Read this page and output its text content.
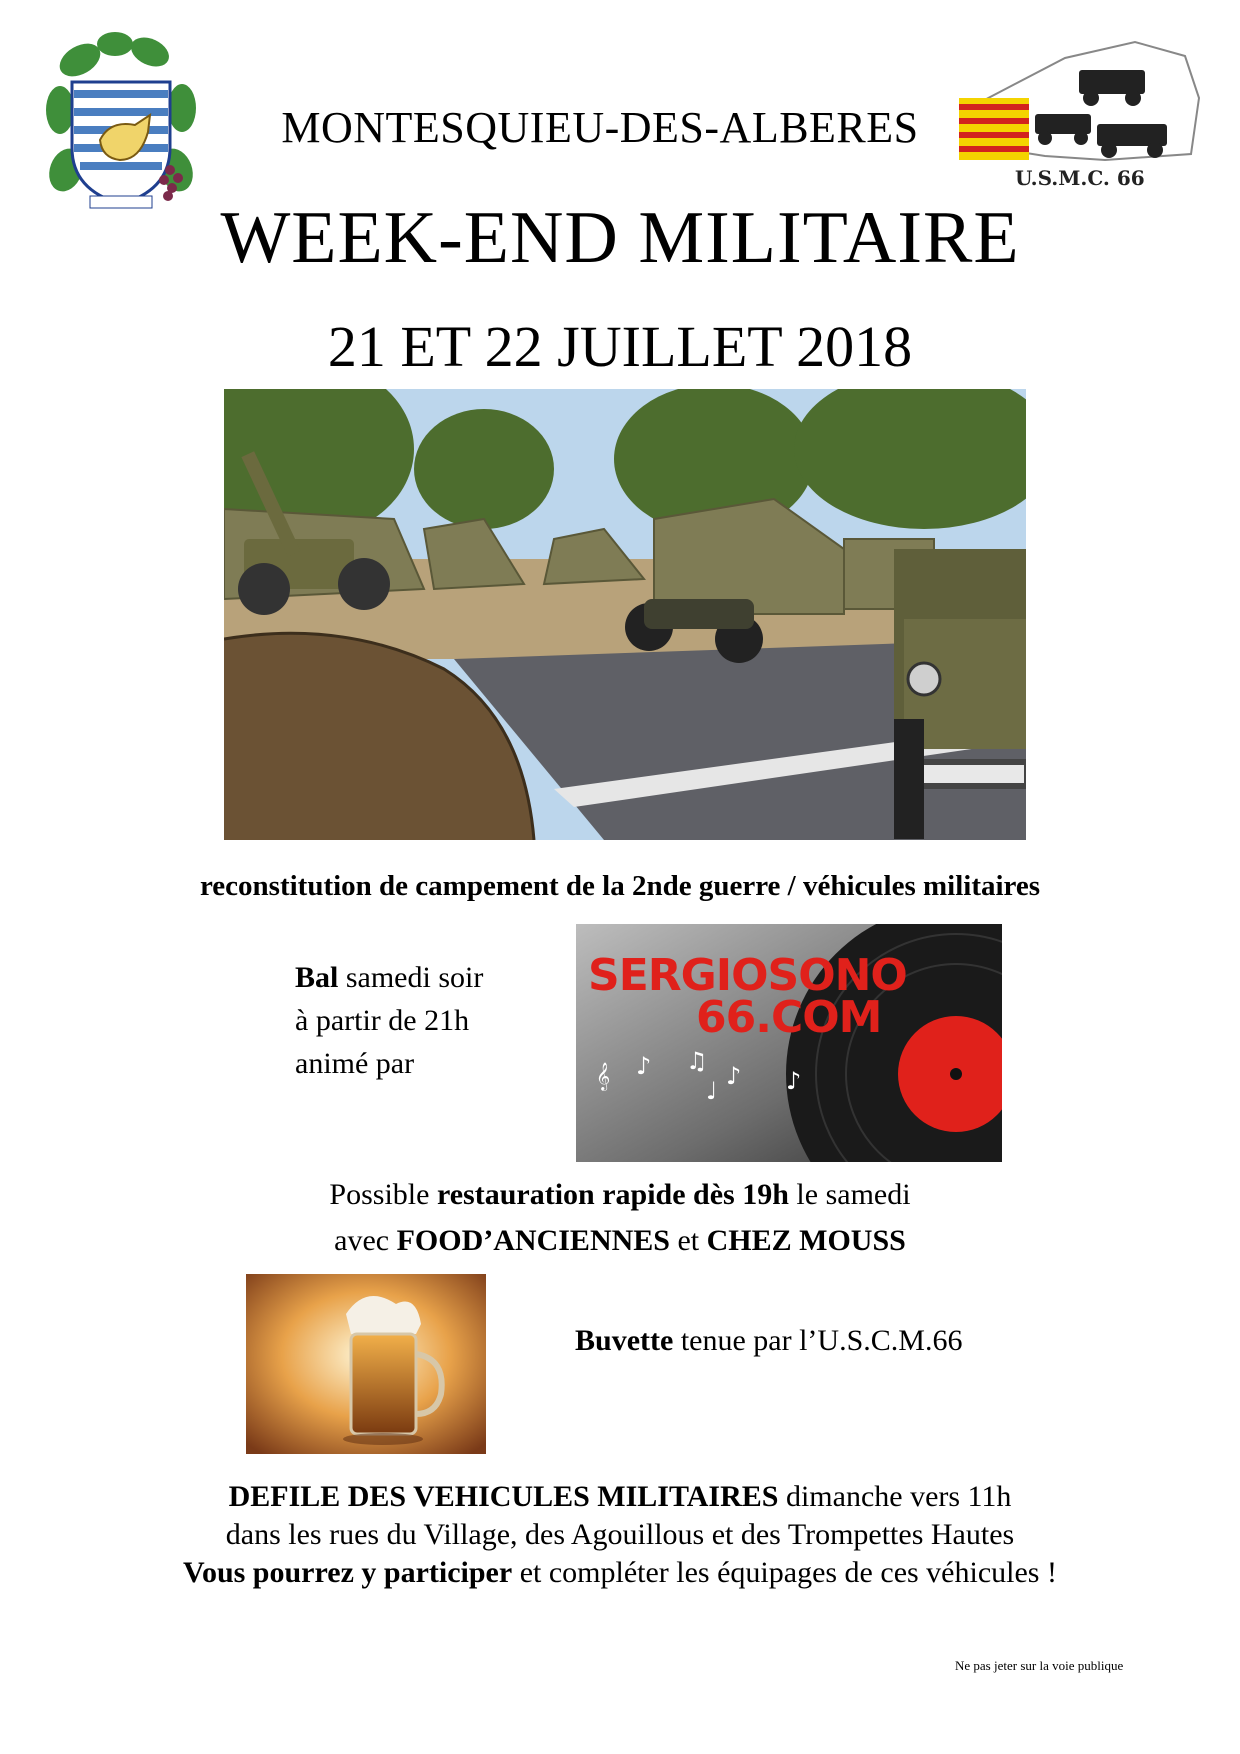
U.S.M.C. 66
MONTESQUIEU-DES-ALBERES
WEEK-END MILITAIRE
21 ET 22 JUILLET 2018
reconstitution de campement de la 2nde guerre / véhicules militaires
Bal samedi soir
à partir de 21h
animé par	𝄞 ♪ ♫
♪
♩	♪
SERGIOSONO
66.COM
Possible restauration rapide dès 19h le samedi
avec FOOD’ANCIENNES et CHEZ MOUSS
Buvette tenue par l’U.S.C.M.66
DEFILE DES VEHICULES MILITAIRES dimanche vers 11h
dans les rues du Village, des Agouillous et des Trompettes Hautes
Vous pourrez y participer et compléter les équipages de ces véhicules !
Ne pas jeter sur la voie publique
